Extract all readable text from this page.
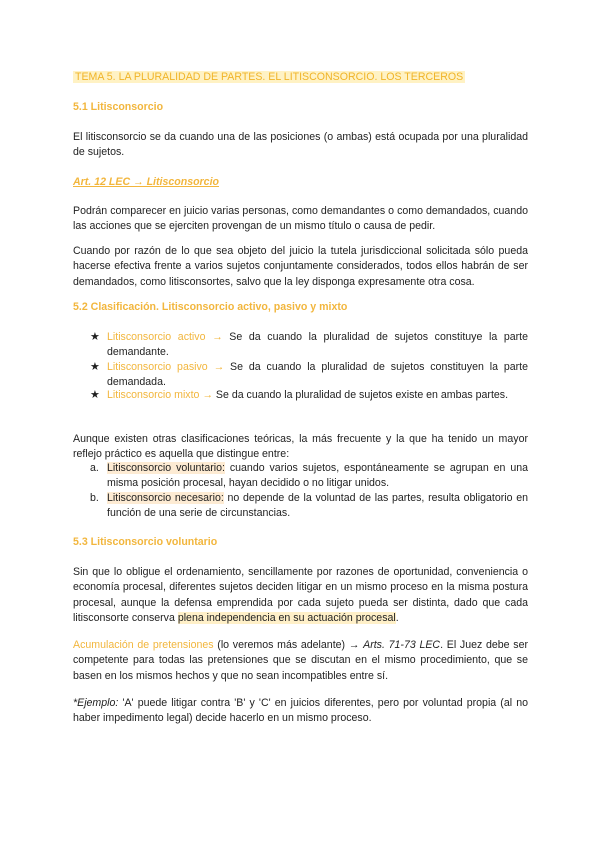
TEMA 5. LA PLURALIDAD DE PARTES. EL LITISCONSORCIO. LOS TERCEROS

5.1 Litisconsorcio

El litisconsorcio se da cuando una de las posiciones (o ambas) está ocupada por una pluralidad de sujetos.

Art. 12 LEC → Litisconsorcio

Podrán comparecer en juicio varias personas, como demandantes o como demandados, cuando las acciones que se ejerciten provengan de un mismo título o causa de pedir.

Cuando por razón de lo que sea objeto del juicio la tutela jurisdiccional solicitada sólo pueda hacerse efectiva frente a varios sujetos conjuntamente considerados, todos ellos habrán de ser demandados, como litisconsortes, salvo que la ley disponga expresamente otra cosa.

5.2 Clasificación. Litisconsorcio activo, pasivo y mixto

★ Litisconsorcio activo → Se da cuando la pluralidad de sujetos constituye la parte demandante.
★ Litisconsorcio pasivo → Se da cuando la pluralidad de sujetos constituyen la parte demandada.
★ Litisconsorcio mixto → Se da cuando la pluralidad de sujetos existe en ambas partes.

Aunque existen otras clasificaciones teóricas, la más frecuente y la que ha tenido un mayor reflejo práctico es aquella que distingue entre:

a. Litisconsorcio voluntario: cuando varios sujetos, espontáneamente se agrupan en una misma posición procesal, hayan decidido o no litigar unidos.
b. Litisconsorcio necesario: no depende de la voluntad de las partes, resulta obligatorio en función de una serie de circunstancias.

5.3 Litisconsorcio voluntario

Sin que lo obligue el ordenamiento, sencillamente por razones de oportunidad, conveniencia o economía procesal, diferentes sujetos deciden litigar en un mismo proceso en la misma postura procesal, aunque la defensa emprendida por cada sujeto pueda ser distinta, dado que cada litisconsorte conserva plena independencia en su actuación procesal.

Acumulación de pretensiones (lo veremos más adelante) → Arts. 71-73 LEC. El Juez debe ser competente para todas las pretensiones que se discutan en el mismo procedimiento, que se basen en los mismos hechos y que no sean incompatibles entre sí.

*Ejemplo: 'A' puede litigar contra 'B' y 'C' en juicios diferentes, pero por voluntad propia (al no haber impedimento legal) decide hacerlo en un mismo proceso.
